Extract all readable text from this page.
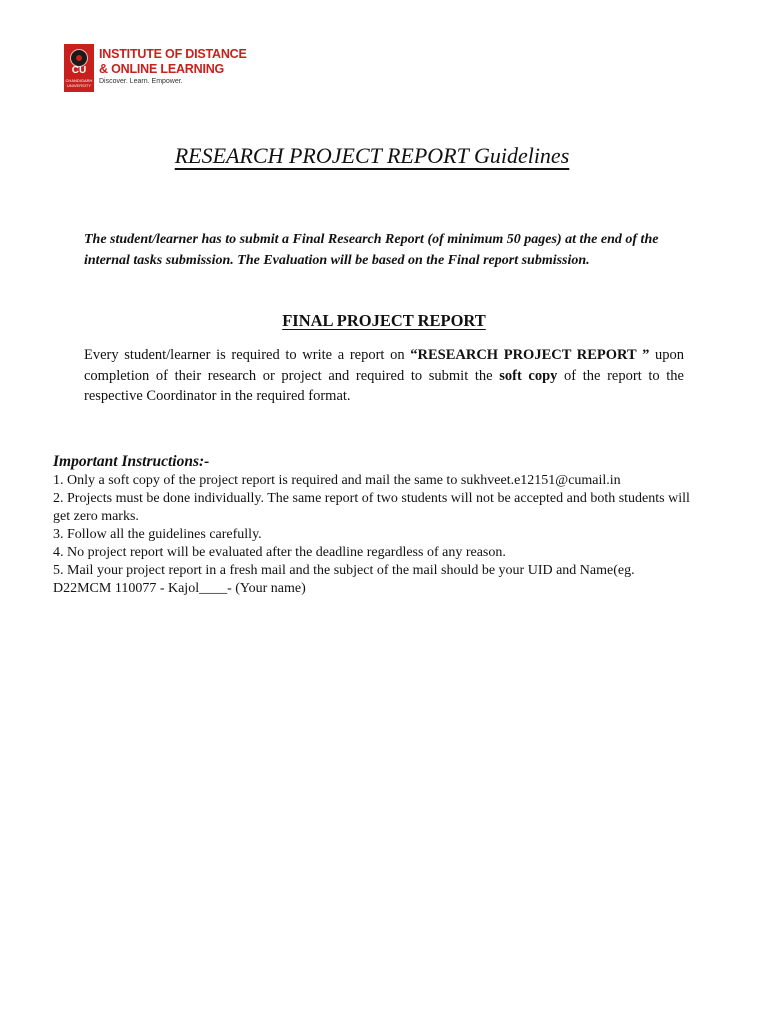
CU
CHANDIGARH
UNIVERSITY
INSTITUTE OF DISTANCE
& ONLINE LEARNING
Discover. Learn. Empower.
RESEARCH PROJECT REPORT Guidelines

The student/learner has to submit a Final Research Report (of minimum 50 pages) at the end of the internal tasks submission. The Evaluation will be based on the Final report submission.

FINAL PROJECT REPORT

Every student/learner is required to write a report on “RESEARCH PROJECT REPORT ” upon completion of their research or project and required to submit the soft copy of the report to the respective Coordinator in the required format.

Important Instructions:-
1. Only a soft copy of the project report is required and mail the same to sukhveet.e12151@cumail.in
2. Projects must be done individually. The same report of two students will not be accepted and both students will get zero marks.
3. Follow all the guidelines carefully.
4. No project report will be evaluated after the deadline regardless of any reason.
5. Mail your project report in a fresh mail and the subject of the mail should be your UID and Name(eg. D22MCM 110077 - Kajol____- (Your name)
